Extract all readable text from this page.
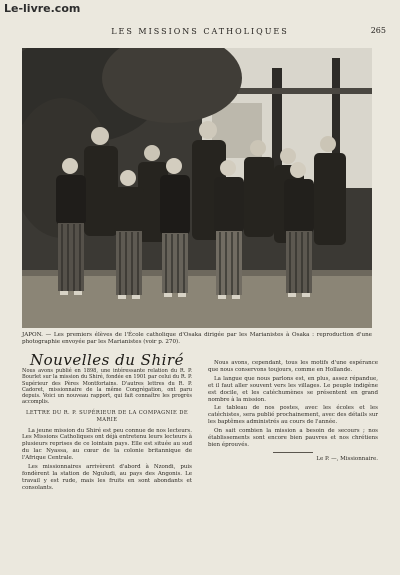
Le-livre.com
LES MISSIONS CATHOLIQUES	265
JAPON. — Les premiers élèves de l'École catholique d'Osaka dirigée par les Marianistes à Osaka : reproduction d'une photographie envoyée par les Marianistes (voir p. 270).
Nouvelles du Shiré
Nous avons publié en 1898, une intéressante relation du R. P. Bourlet sur la mission du Shiré, fondée en 1901 par celui du R. P. Supérieur des Pères Montfortains. D'autres lettres du R. P. Cadoret, missionnaire de la même Congrégation, ont paru depuis. Voici un nouveau rapport, qui fait connaître les progrès accomplis.
LETTRE DU R. P. SUPÉRIEUR DE LA COMPAGNIE DE MARIE

La jeune mission du Shiré est peu connue de nos lecteurs. Les Missions Catholiques ont déjà entretenu leurs lecteurs à plusieurs reprises de ce lointain pays. Elle est située au sud du lac Nyassa, au cœur de la colonie britannique de l'Afrique Centrale.

Les missionnaires arrivèrent d'abord à Nzondi, puis fondèrent la station de Nguludi, au pays des Angonis. Le travail y est rude, mais les fruits en sont abondants et consolants.

Nous avons, cependant, tous les motifs d'une espérance que nous conservons toujours, comme en Hollande.

La langue que nous parlons est, en plus, assez répandue, et il faut aller souvent vers les villages. Le peuple indigène est docile, et les catéchumènes se présentent en grand nombre à la mission.

Le tableau de nos postes, avec les écoles et les catéchistes, sera publié prochainement, avec des détails sur les baptêmes administrés au cours de l'année.

On sait combien la mission a besoin de secours ; nos établissements sont encore bien pauvres et nos chrétiens bien éprouvés.

Le P. —, Missionnaire.
